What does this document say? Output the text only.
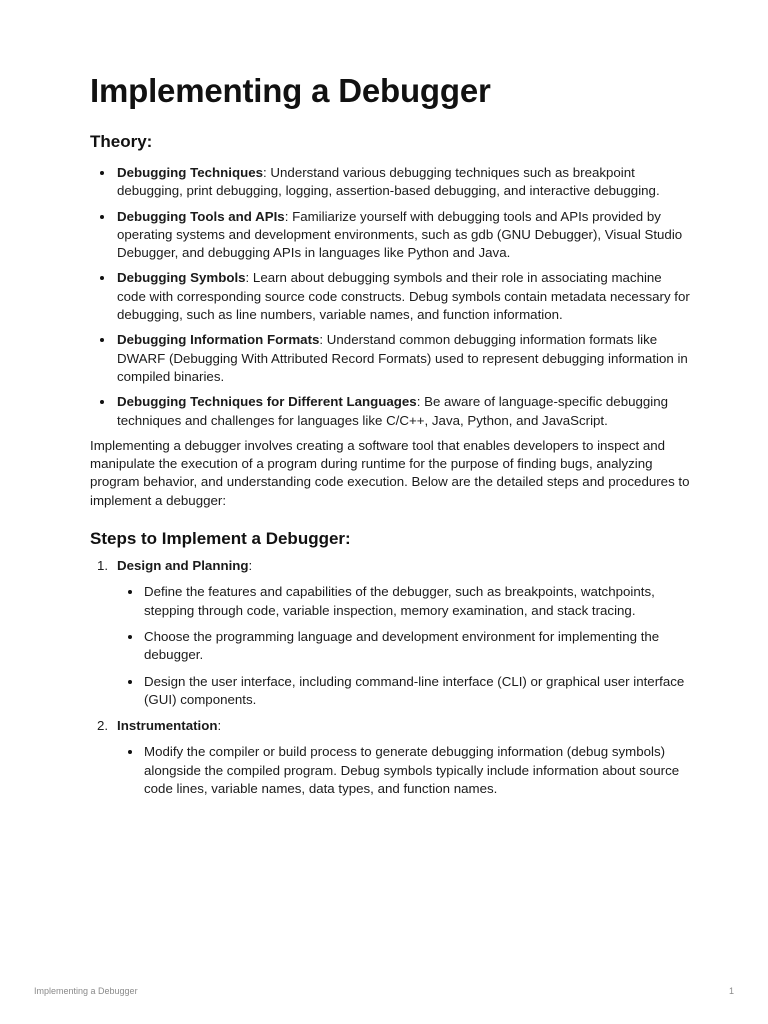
Implementing a Debugger
Theory:
Debugging Techniques: Understand various debugging techniques such as breakpoint debugging, print debugging, logging, assertion-based debugging, and interactive debugging.
Debugging Tools and APIs: Familiarize yourself with debugging tools and APIs provided by operating systems and development environments, such as gdb (GNU Debugger), Visual Studio Debugger, and debugging APIs in languages like Python and Java.
Debugging Symbols: Learn about debugging symbols and their role in associating machine code with corresponding source code constructs. Debug symbols contain metadata necessary for debugging, such as line numbers, variable names, and function information.
Debugging Information Formats: Understand common debugging information formats like DWARF (Debugging With Attributed Record Formats) used to represent debugging information in compiled binaries.
Debugging Techniques for Different Languages: Be aware of language-specific debugging techniques and challenges for languages like C/C++, Java, Python, and JavaScript.

Implementing a debugger involves creating a software tool that enables developers to inspect and manipulate the execution of a program during runtime for the purpose of finding bugs, analyzing program behavior, and understanding code execution. Below are the detailed steps and procedures to implement a debugger:

Steps to Implement a Debugger:
1. Design and Planning:
Define the features and capabilities of the debugger, such as breakpoints, watchpoints, stepping through code, variable inspection, memory examination, and stack tracing.
Choose the programming language and development environment for implementing the debugger.
Design the user interface, including command-line interface (CLI) or graphical user interface (GUI) components.
2. Instrumentation:
Modify the compiler or build process to generate debugging information (debug symbols) alongside the compiled program. Debug symbols typically include information about source code lines, variable names, data types, and function names.
Implementing a Debugger	1
